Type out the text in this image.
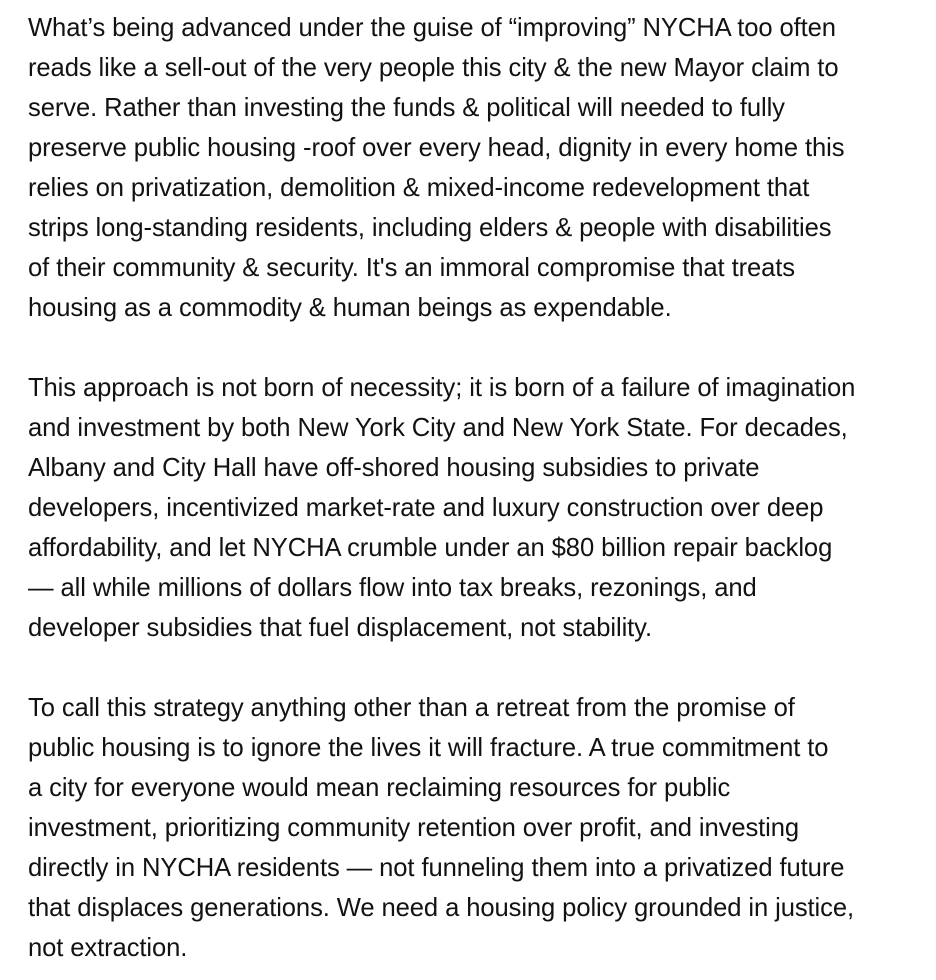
What’s being advanced under the guise of “improving” NYCHA too often
reads like a sell-out of the very people this city & the new Mayor claim to
serve. Rather than investing the funds & political will needed to fully
preserve public housing -roof over every head, dignity in every home this
relies on privatization, demolition & mixed-income redevelopment that
strips long-standing residents, including elders & people with disabilities
of their community & security. It's an immoral compromise that treats
housing as a commodity & human beings as expendable.

This approach is not born of necessity; it is born of a failure of imagination
and investment by both New York City and New York State. For decades,
Albany and City Hall have off-shored housing subsidies to private
developers, incentivized market-rate and luxury construction over deep
affordability, and let NYCHA crumble under an $80 billion repair backlog
— all while millions of dollars flow into tax breaks, rezonings, and
developer subsidies that fuel displacement, not stability.

To call this strategy anything other than a retreat from the promise of
public housing is to ignore the lives it will fracture. A true commitment to
a city for everyone would mean reclaiming resources for public
investment, prioritizing community retention over profit, and investing
directly in NYCHA residents — not funneling them into a privatized future
that displaces generations. We need a housing policy grounded in justice,
not extraction.
